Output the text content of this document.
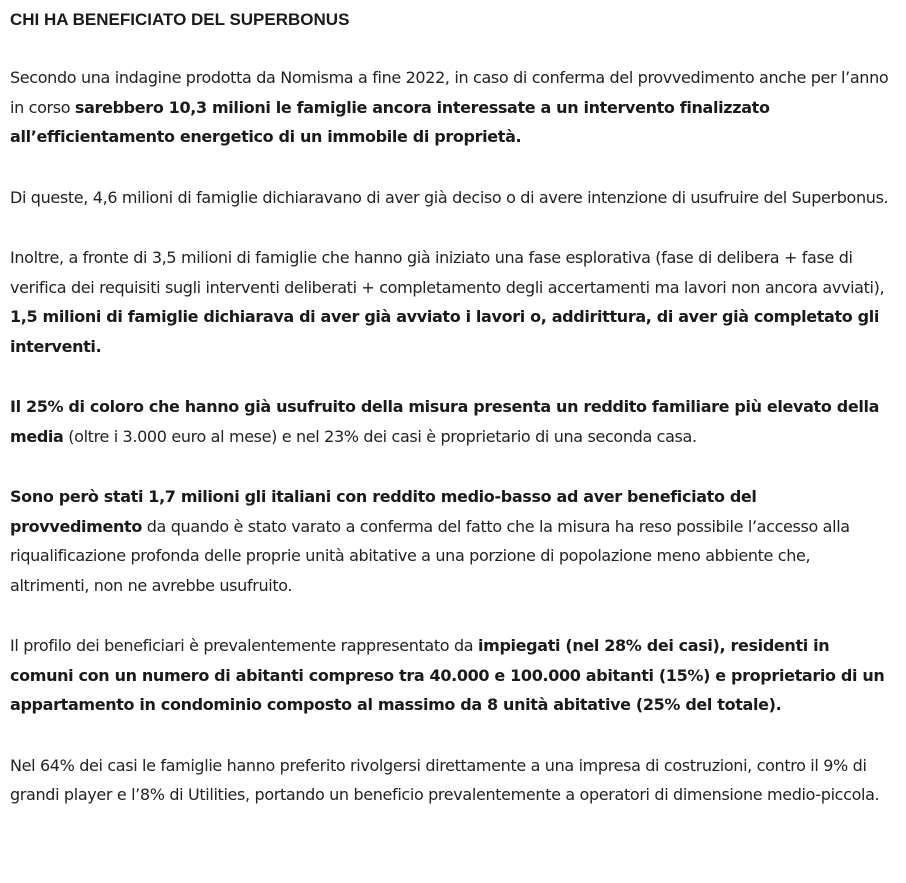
CHI HA BENEFICIATO DEL SUPERBONUS

Secondo una indagine prodotta da Nomisma a fine 2022, in caso di conferma del provvedimento anche per l’anno in corso sarebbero 10,3 milioni le famiglie ancora interessate a un intervento finalizzato all’efficientamento energetico di un immobile di proprietà.

Di queste, 4,6 milioni di famiglie dichiaravano di aver già deciso o di avere intenzione di usufruire del Superbonus.

Inoltre, a fronte di 3,5 milioni di famiglie che hanno già iniziato una fase esplorativa (fase di delibera + fase di verifica dei requisiti sugli interventi deliberati + completamento degli accertamenti ma lavori non ancora avviati), 1,5 milioni di famiglie dichiarava di aver già avviato i lavori o, addirittura, di aver già completato gli interventi.

Il 25% di coloro che hanno già usufruito della misura presenta un reddito familiare più elevato della media (oltre i 3.000 euro al mese) e nel 23% dei casi è proprietario di una seconda casa.

Sono però stati 1,7 milioni gli italiani con reddito medio-basso ad aver beneficiato del provvedimento da quando è stato varato a conferma del fatto che la misura ha reso possibile l’accesso alla riqualificazione profonda delle proprie unità abitative a una porzione di popolazione meno abbiente che, altrimenti, non ne avrebbe usufruito.

Il profilo dei beneficiari è prevalentemente rappresentato da impiegati (nel 28% dei casi), residenti in comuni con un numero di abitanti compreso tra 40.000 e 100.000 abitanti (15%) e proprietario di un appartamento in condominio composto al massimo da 8 unità abitative (25% del totale).

Nel 64% dei casi le famiglie hanno preferito rivolgersi direttamente a una impresa di costruzioni, contro il 9% di grandi player e l’8% di Utilities, portando un beneficio prevalentemente a operatori di dimensione medio-piccola.
